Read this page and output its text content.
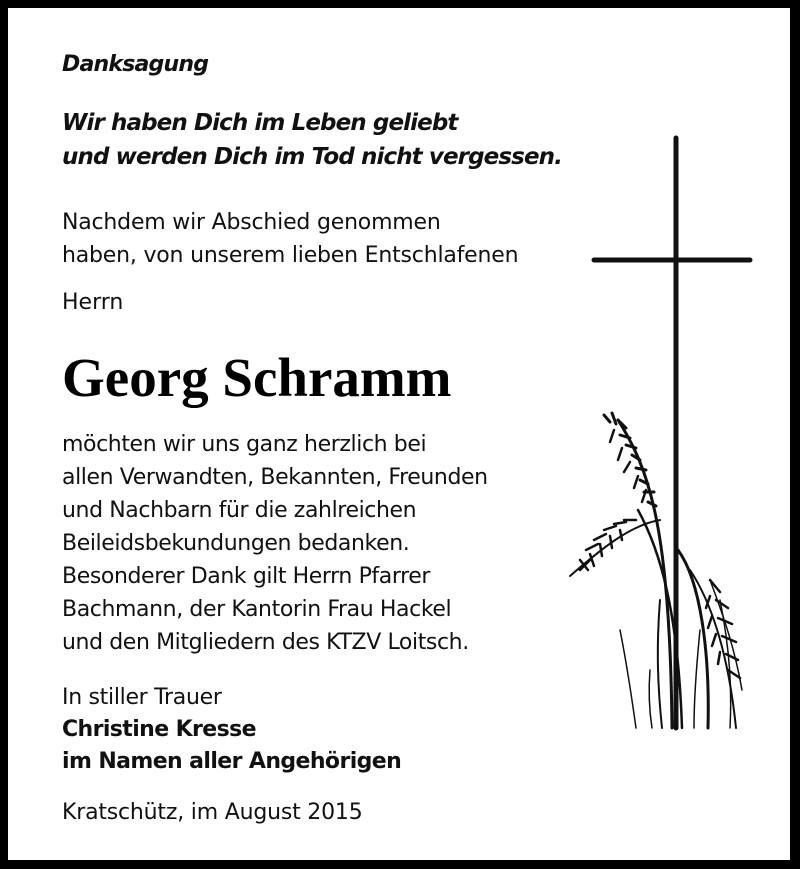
Danksagung
Wir haben Dich im Leben geliebt
und werden Dich im Tod nicht vergessen.
Nachdem wir Abschied genommen
haben, von unserem lieben Entschlafenen
Herrn
Georg Schramm
möchten wir uns ganz herzlich bei
allen Verwandten, Bekannten, Freunden
und Nachbarn für die zahlreichen
Beileidsbekundungen bedanken.
Besonderer Dank gilt Herrn Pfarrer
Bachmann, der Kantorin Frau Hackel
und den Mitgliedern des KTZV Loitsch.
In stiller Trauer
Christine Kresse
im Namen aller Angehörigen
Kratschütz, im August 2015
